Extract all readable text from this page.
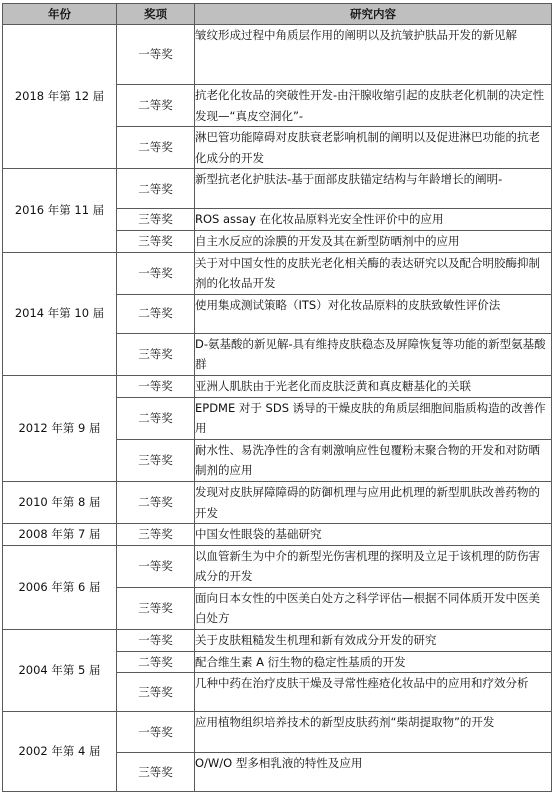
年份	奖项	研究内容
2018 年第 12 届	一等奖	皱纹形成过程中角质层作用的阐明以及抗皱护肤品开发的新见解
	二等奖	抗老化化妆品的突破性开发-由汗腺收缩引起的皮肤老化机制的决定性发现—“真皮空洞化”-
	二等奖	淋巴管功能障碍对皮肤衰老影响机制的阐明以及促进淋巴功能的抗老化成分的开发
2016 年第 11 届	二等奖	新型抗老化护肤法-基于面部皮肤锚定结构与年龄增长的阐明-
	三等奖	ROS assay 在化妆品原料光安全性评价中的应用
	三等奖	自主水反应的涂膜的开发及其在新型防晒剂中的应用
2014 年第 10 届	一等奖	关于对中国女性的皮肤光老化相关酶的表达研究以及配合明胶酶抑制剂的化妆品开发
	二等奖	使用集成测试策略（ITS）对化妆品原料的皮肤致敏性评价法
	三等奖	D-氨基酸的新见解-具有维持皮肤稳态及屏障恢复等功能的新型氨基酸群
2012 年第 9 届	一等奖	亚洲人肌肤由于光老化而皮肤泛黄和真皮糖基化的关联
	二等奖	EPDME 对于 SDS 诱导的干燥皮肤的角质层细胞间脂质构造的改善作用
	三等奖	耐水性、易洗净性的含有刺激响应性包覆粉末聚合物的开发和对防晒制剂的应用
2010 年第 8 届	二等奖	发现对皮肤屏障障碍的防御机理与应用此机理的新型肌肤改善药物的开发
2008 年第 7 届	三等奖	中国女性眼袋的基础研究
2006 年第 6 届	一等奖	以血管新生为中介的新型光伤害机理的探明及立足于该机理的防伤害成分的开发
	三等奖	面向日本女性的中医美白处方之科学评估—根据不同体质开发中医美白处方
2004 年第 5 届	一等奖	关于皮肤粗糙发生机理和新有效成分开发的研究
	二等奖	配合维生素 A 衍生物的稳定性基质的开发
	三等奖	几种中药在治疗皮肤干燥及寻常性痤疮化妆品中的应用和疗效分析
2002 年第 4 届	一等奖	应用植物组织培养技术的新型皮肤药剂“柴胡提取物”的开发
	三等奖	O/W/O 型多相乳液的特性及应用
